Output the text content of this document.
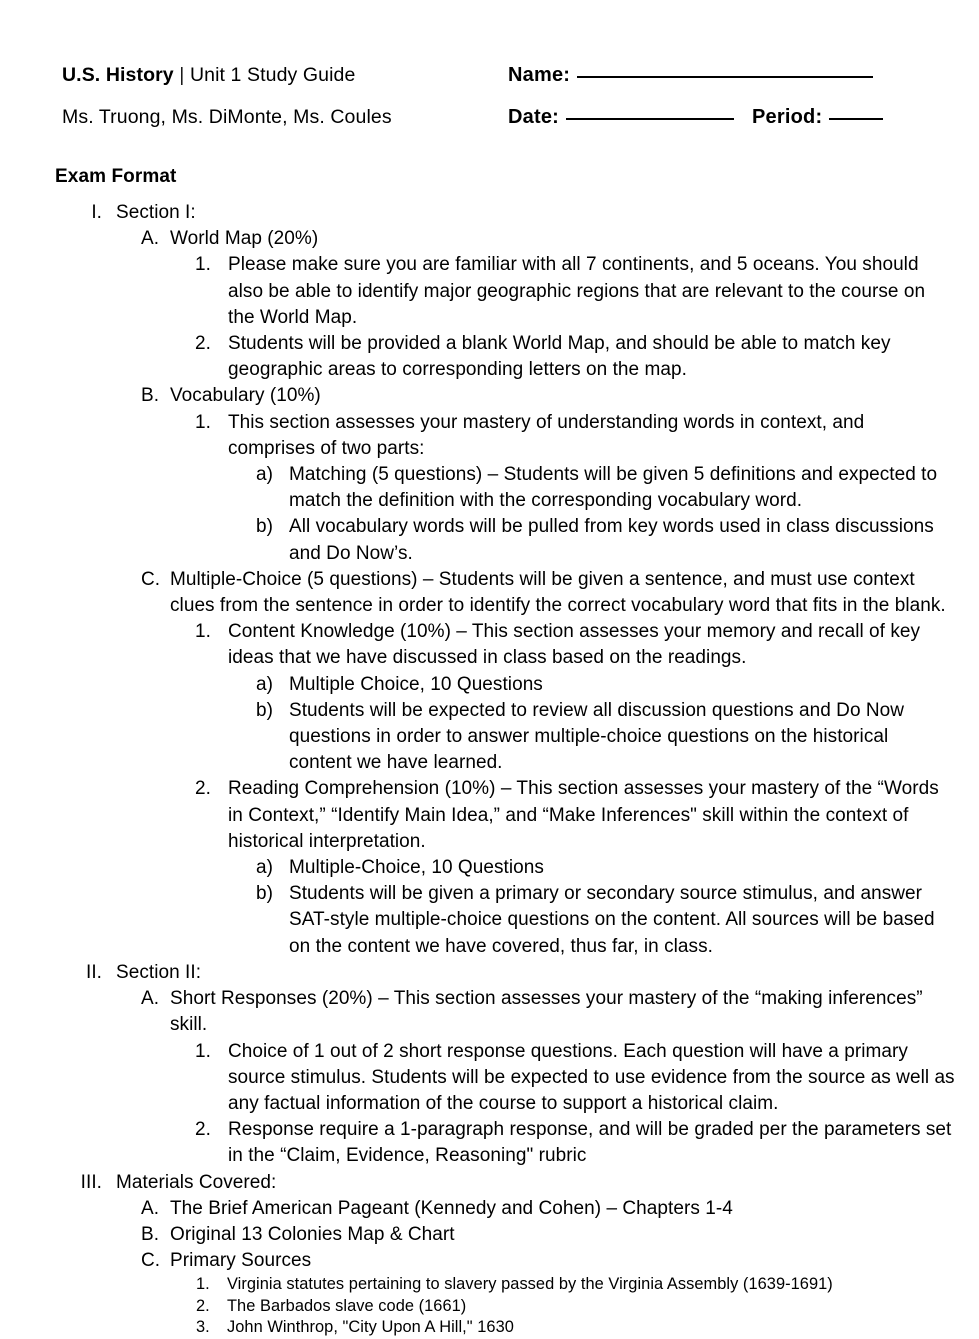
U.S. History | Unit 1 Study Guide
Ms. Truong, Ms. DiMonte, Ms. Coules
Name:
Date:	Period:
Exam Format
I. Section I:
A. World Map (20%)
1. Please make sure you are familiar with all 7 continents, and 5 oceans. You should also be able to identify major geographic regions that are relevant to the course on the World Map.
2. Students will be provided a blank World Map, and should be able to match key geographic areas to corresponding letters on the map.
B. Vocabulary (10%)
1. This section assesses your mastery of understanding words in context, and comprises of two parts:
a) Matching (5 questions) – Students will be given 5 definitions and expected to match the definition with the corresponding vocabulary word.
b) All vocabulary words will be pulled from key words used in class discussions and Do Now’s.
C. Multiple-Choice (5 questions) – Students will be given a sentence, and must use context clues from the sentence in order to identify the correct vocabulary word that fits in the blank.
1. Content Knowledge (10%) – This section assesses your memory and recall of key ideas that we have discussed in class based on the readings.
a) Multiple Choice, 10 Questions
b) Students will be expected to review all discussion questions and Do Now questions in order to answer multiple-choice questions on the historical content we have learned.
2. Reading Comprehension (10%) – This section assesses your mastery of the “Words in Context,” “Identify Main Idea,” and “Make Inferences" skill within the context of historical interpretation.
a) Multiple-Choice, 10 Questions
b) Students will be given a primary or secondary source stimulus, and answer SAT-style multiple-choice questions on the content. All sources will be based on the content we have covered, thus far, in class.
II. Section II:
A. Short Responses (20%) – This section assesses your mastery of the “making inferences” skill.
1. Choice of 1 out of 2 short response questions. Each question will have a primary source stimulus. Students will be expected to use evidence from the source as well as any factual information of the course to support a historical claim.
2. Response require a 1-paragraph response, and will be graded per the parameters set in the “Claim, Evidence, Reasoning" rubric
III. Materials Covered:
A. The Brief American Pageant (Kennedy and Cohen) – Chapters 1-4
B. Original 13 Colonies Map & Chart
C. Primary Sources
1.	Virginia statutes pertaining to slavery passed by the Virginia Assembly (1639-1691)
2.	The Barbados slave code (1661)
3.	John Winthrop, "City Upon A Hill," 1630
